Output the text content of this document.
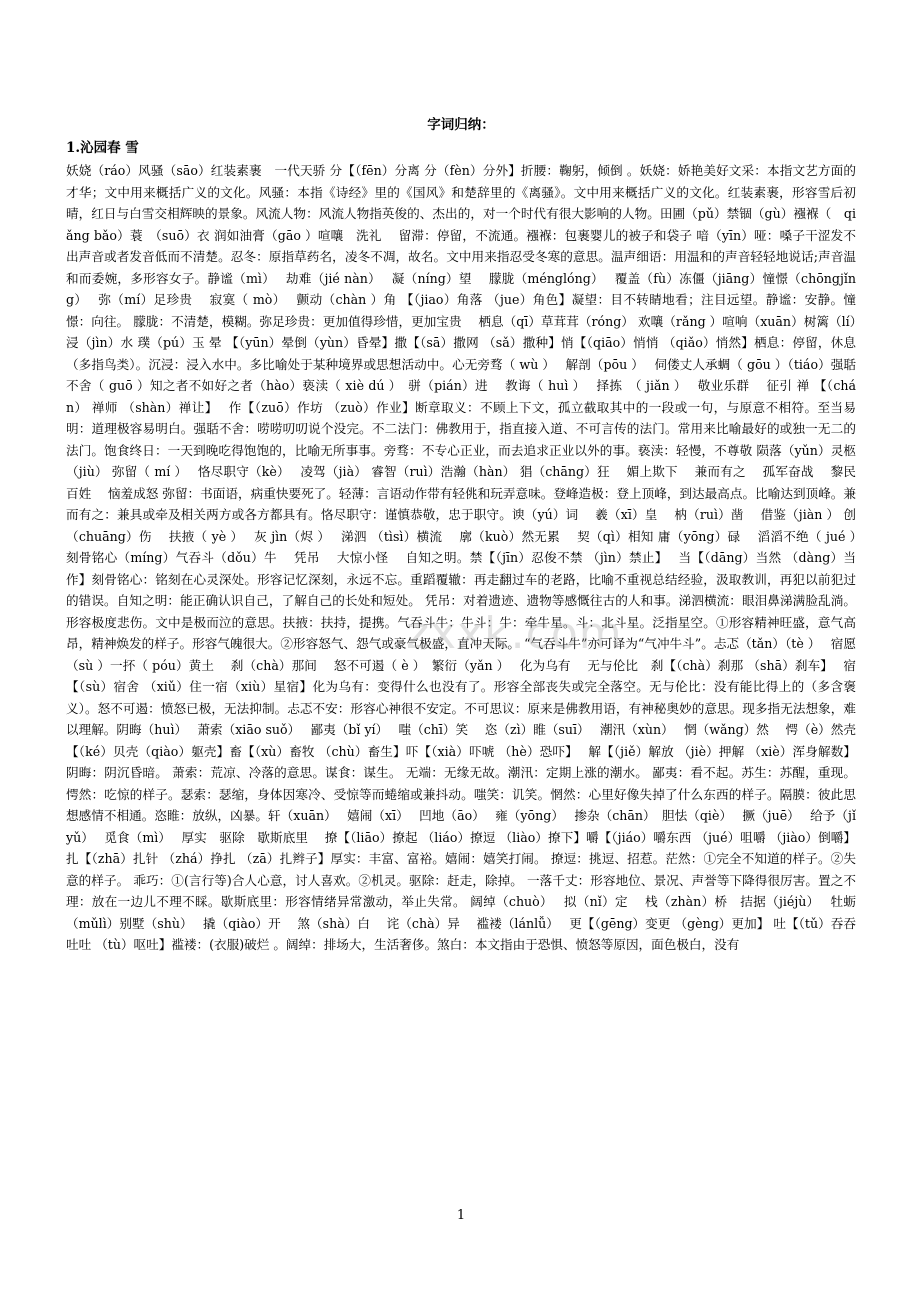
字词归纳：
1.沁园春 雪
妖娆（ráo）风骚（sāo）红装素裹　一代天骄 分【（fēn）分离 分（fèn）分外】折腰：鞠躬，倾倒 。妖娆：娇艳美好文采：本指文艺方面的才华；文中用来概括广义的文化。风骚：本指《诗经》里的《国风》和楚辞里的《离骚》。文中用来概括广义的文化。红装素裹，形容雪后初晴，红日与白雪交相辉映的景象。风流人物：风流人物指英俊的、杰出的，对一个时代有很大影响的人物。田圃（pǔ）禁锢（gù）襁褓（　qiǎng bǎo）蓑　（suō）衣 润如油膏（gāo ）喧嚷　洗礼　 留滞：停留，不流通。襁褓：包裹婴儿的被子和袋子 喑（yīn）哑：嗓子干涩发不出声音或者发音低而不清楚。忍冬：原指草药名，凌冬不凋，故名。文中用来指忍受冬寒的意思。温声细语：用温和的声音轻轻地说话;声音温和而委婉，多形容女子。静谧（mì）　 劫难（jié nàn）　 凝（níng）望　 朦胧（ménglóng）　 覆盖（fù）冻僵（jiāng）憧憬（chōngjǐng）　 弥（mí）足珍贵　 寂寞（ mò）　 颤动（chàn ）角 【（jiao）角落 （jue）角色】凝望：目不转睛地看；注目远望。静谧：安静。憧憬：向往。 朦胧：不清楚，模糊。弥足珍贵：更加值得珍惜，更加宝贵　 栖息（qī）草茸茸（róng） 欢嚷（rǎng ）喧响（xuān）树篱（lí）浸（jìn）水 璞（pú）玉 晕 【（yūn）晕倒（yùn）昏晕】撒【（sā）撒网 （sǎ）撒种】悄【（qiāo）悄悄 （qiǎo）悄然】栖息：停留，休息（多指鸟类）。沉浸：浸入水中。多比喻处于某种境界或思想活动中。心无旁骛（ wù ）　 解剖（pōu ）　 伺偻丈人承蜩（ gōu ）（tiáo）强聒不舍（ guō ）知之者不如好之者（hào）亵渎（ xiè dú ）　骈（pián）进　 教诲（ huì ）　 择拣　（ jiǎn ）　 敬业乐群　 征引 禅 【（chán） 禅师 （shàn）禅让】　 作【（zuō）作坊 （zuò）作业】断章取义：不顾上下文，孤立截取其中的一段或一句，与原意不相符。至当易明：道理极容易明白。强聒不舍：唠唠叨叨说个没完。不二法门：佛教用于，指直接入道、不可言传的法门。常用来比喻最好的或独一无二的法门。饱食终日：一天到晚吃得饱饱的，比喻无所事事。旁骛：不专心正业，而去追求正业以外的事。亵渎：轻慢，不尊敬 陨落（yǔn）灵柩（jiù） 弥留（ mí ）　 恪尽职守（kè）　 凌驾（jià） 睿智（ruì）浩瀚（hàn） 猖（chāng）狂　 媚上欺下　 兼而有之　 孤军奋战　 黎民百姓　 恼羞成怒 弥留：书面语，病重快要死了。轻薄：言语动作带有轻佻和玩弄意味。登峰造极：登上顶峰，到达最高点。比喻达到顶峰。兼而有之：兼具或牵及相关两方或各方都具有。恪尽职守：谨慎恭敬，忠于职守。谀（yú）词　 羲（xī）皇　 枘（ruì）凿　 借鉴（jiàn ） 创（chuāng）伤　 扶掖（ yè ）　 灰 jìn（烬 ）　 涕泗 （tìsì）横流　 廓（kuò）然无累　 契（qì）相知 庸（yōng）碌　 滔滔不绝（ jué ）　 刻骨铭心（míng）气吞斗（dǒu）牛　 凭吊　 大惊小怪　 自知之明。禁【（jīn）忍俊不禁 （jìn）禁止】　 当【（dāng）当然 （dàng）当作】刻骨铭心：铭刻在心灵深处。形容记忆深刻，永远不忘。重蹈覆辙：再走翻过车的老路，比喻不重视总结经验，汲取教训，再犯以前犯过的错误。自知之明：能正确认识自己，了解自己的长处和短处。 凭吊：对着遗迹、遗物等感慨往古的人和事。涕泗横流：眼泪鼻涕满脸乱淌。形容极度悲伤。文中是极而泣的意思。扶掖：扶持，提携。气吞斗牛：牛斗：牛：牵牛星。斗：北斗星。泛指星空。①形容精神旺盛，意气高昂，精神焕发的样子。形容气魄很大。②形容怒气、怨气或豪气极盛，直冲天际。 “气吞斗牛”亦可译为“气冲牛斗”。忐忑（tǎn）（tè ）　 宿愿（sù ）一抔（ póu）黄土　 刹（chà）那间　 怒不可遏（ è ）　繁衍（yǎn ）　 化为乌有　 无与伦比　刹【（chà）刹那 （shā）刹车】　 宿【（sù）宿舍 （xiǔ）住一宿（xiù）星宿】化为乌有：变得什么也没有了。形容全部丧失或完全落空。无与伦比：没有能比得上的（多含褒义）。怒不可遏：愤怒已极，无法抑制。忐忑不安：形容心神很不安定。不可思议：原来是佛教用语，有神秘奥妙的意思。现多指无法想象，难以理解。阴晦（huì）　 萧索（xiāo suǒ）　 鄙夷（bǐ yí）　 嗤（chī）笑　 恣（zì）睢（suī）　 潮汛（xùn）　 惘（wǎng）然　 愕（è）然壳【（ké）贝壳（qiào）躯壳】畜【（xù）畜牧 （chù）畜生】吓【（xià）吓唬 （hè）恐吓】　 解【（jiě）解放 （jiè）押解 （xiè）浑身解数】 阴晦：阴沉昏暗。 萧索：荒凉、冷落的意思。谋食：谋生。 无端：无缘无故。潮汛：定期上涨的潮水。 鄙夷：看不起。苏生：苏醒，重现。愕然：吃惊的样子。瑟索：瑟缩，身体因寒冷、受惊等而蜷缩或兼抖动。嗤笑：讥笑。惘然：心里好像失掉了什么东西的样子。隔膜：彼此思想感情不相通。恣睢：放纵，凶暴。轩（xuān）　 嬉闹（xī）　 凹地（āo）　 雍（yōng）　 掺杂（chān）　胆怯（qiè）　 撅（juē）　 给予（jǐ yǔ）　 觅食（mì）　 厚实　驱除　歇斯底里　 撩【（liāo）撩起 （liáo）撩逗 （liào）撩下】嚼【（jiáo）嚼东西 （jué）咀嚼 （jiào）倒嚼】 扎【（zhā）扎针 （zhá）挣扎 （zā）扎辫子】厚实：丰富、富裕。嬉闹：嬉笑打闹。 撩逗：挑逗、招惹。茫然：①完全不知道的样子。②失意的样子。 乖巧：①(言行等)合人心意，讨人喜欢。②机灵。驱除：赶走，除掉。 一落千丈：形容地位、景况、声誉等下降得很厉害。置之不理：放在一边儿不理不睬。歇斯底里：形容情绪异常激动，举止失常。 阔绰（chuò）　 拟（nǐ）定　 栈（zhàn）桥　拮据（jiéjù）　 牡蛎（mǔlì）别墅（shù）　 撬（qiào）开　 煞（shà）白　 诧（chà）异　 褴褛（lánlǚ）　 更【（gēng）变更 （gèng）更加】 吐【（tǔ）吞吞吐吐 （tù）呕吐】褴褛：(衣服)破烂 。阔绰：排场大，生活奢侈。煞白：本文指由于恐惧、愤怒等原因，面色极白，没有
zxxk.com
1
